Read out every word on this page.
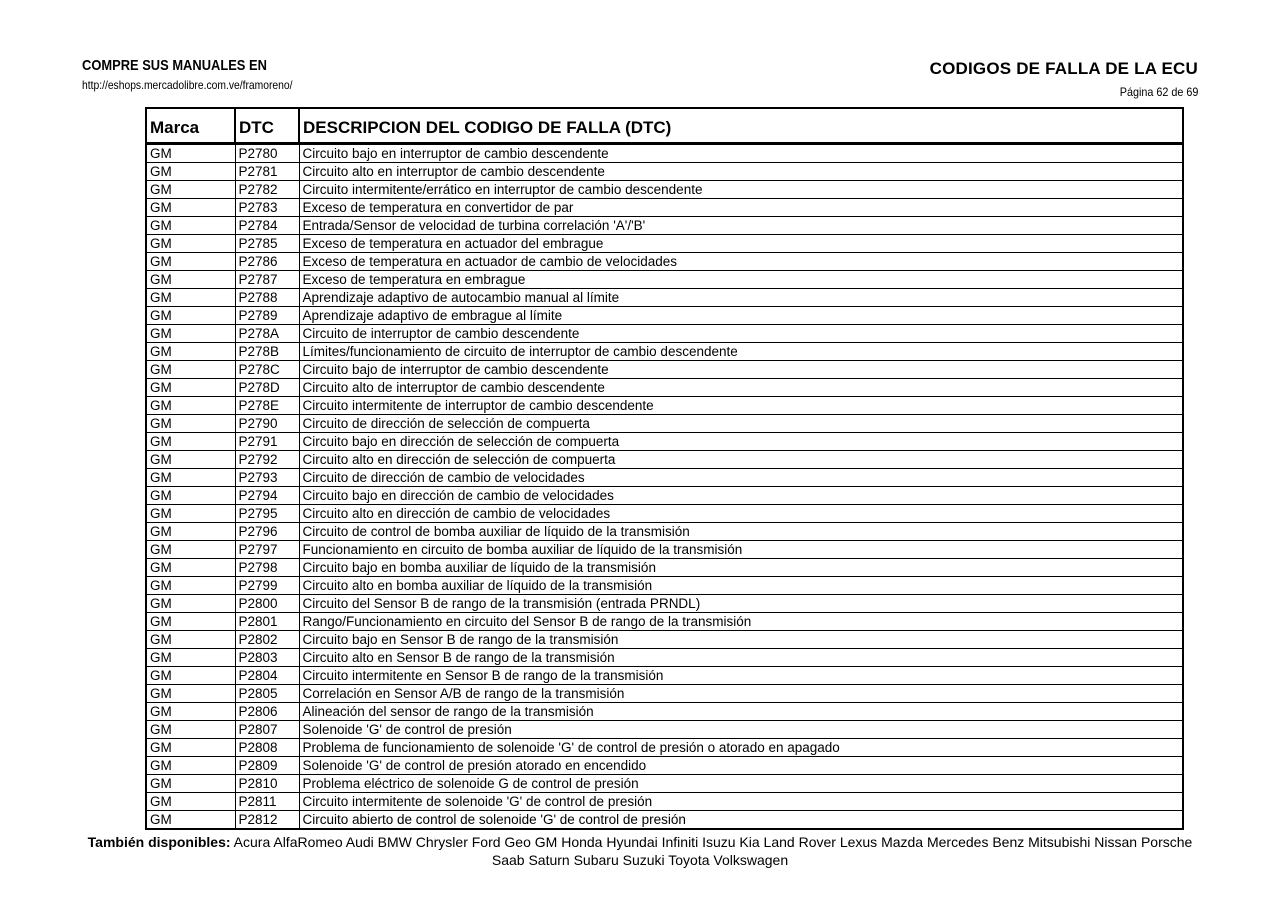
COMPRE SUS MANUALES EN
http://eshops.mercadolibre.com.ve/framoreno/
CODIGOS DE FALLA DE LA ECU
Página 62 de 69
Marca	DTC	DESCRIPCION DEL CODIGO DE FALLA (DTC)
GM	P2780	Circuito bajo en interruptor de cambio descendente
GM	P2781	Circuito alto en interruptor de cambio descendente
GM	P2782	Circuito intermitente/errático en interruptor de cambio descendente
GM	P2783	Exceso de temperatura en convertidor de par
GM	P2784	Entrada/Sensor de velocidad de turbina correlación 'A'/'B'
GM	P2785	Exceso de temperatura en actuador del embrague
GM	P2786	Exceso de temperatura en actuador de cambio de velocidades
GM	P2787	Exceso de temperatura en embrague
GM	P2788	Aprendizaje adaptivo de autocambio manual al límite
GM	P2789	Aprendizaje adaptivo de embrague al límite
GM	P278A	Circuito de interruptor de cambio descendente
GM	P278B	Límites/funcionamiento de circuito de interruptor de cambio descendente
GM	P278C	Circuito bajo de interruptor de cambio descendente
GM	P278D	Circuito alto de interruptor de cambio descendente
GM	P278E	Circuito intermitente de interruptor de cambio descendente
GM	P2790	Circuito de dirección de selección de compuerta
GM	P2791	Circuito bajo en dirección de selección de compuerta
GM	P2792	Circuito alto en dirección de selección de compuerta
GM	P2793	Circuito de dirección de cambio de velocidades
GM	P2794	Circuito bajo en dirección de cambio de velocidades
GM	P2795	Circuito alto en dirección de cambio de velocidades
GM	P2796	Circuito de control de bomba auxiliar de líquido de la transmisión
GM	P2797	Funcionamiento en circuito de bomba auxiliar de líquido de la transmisión
GM	P2798	Circuito bajo en bomba auxiliar de líquido de la transmisión
GM	P2799	Circuito alto en bomba auxiliar de líquido de la transmisión
GM	P2800	Circuito del Sensor B de rango de la transmisión (entrada PRNDL)
GM	P2801	Rango/Funcionamiento en circuito del Sensor B de rango de la transmisión
GM	P2802	Circuito bajo en Sensor B de rango de la transmisión
GM	P2803	Circuito alto en Sensor B de rango de la transmisión
GM	P2804	Circuito intermitente en Sensor B de rango de la transmisión
GM	P2805	Correlación en Sensor A/B de rango de la transmisión
GM	P2806	Alineación del sensor de rango de la transmisión
GM	P2807	Solenoide 'G' de control de presión
GM	P2808	Problema de funcionamiento de solenoide 'G' de control de presión o atorado en apagado
GM	P2809	Solenoide 'G' de control de presión atorado en encendido
GM	P2810	Problema eléctrico de solenoide G de control de presión
GM	P2811	Circuito intermitente de solenoide 'G' de control de presión
GM	P2812	Circuito abierto de control de solenoide 'G' de control de presión
También disponibles: Acura AlfaRomeo Audi BMW Chrysler Ford Geo GM Honda Hyundai Infiniti Isuzu Kia Land Rover Lexus Mazda Mercedes Benz Mitsubishi Nissan Porsche Saab Saturn Subaru Suzuki Toyota Volkswagen
